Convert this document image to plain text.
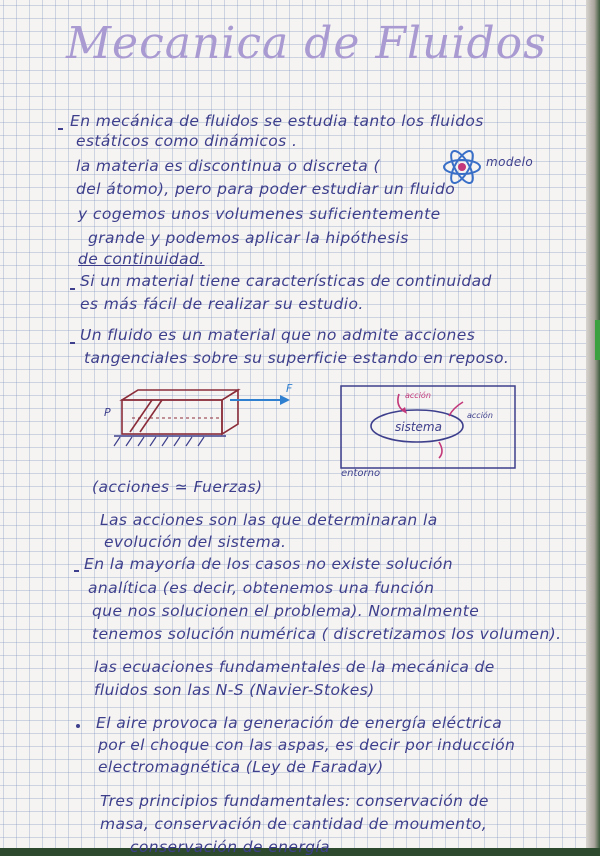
Mecanica de Fluidos

En mecánica de fluidos se estudia tanto los fluidos

estáticos como dinámicos .

la materia es discontinua o discreta (	modelo

del átomo), pero para poder estudiar un fluido

y cogemos unos volumenes suficientemente

grande y podemos aplicar la hipóthesis

de continuidad.

Si un material tiene características de continuidad

es más fácil de realizar su estudio.

Un fluido es un material que no admite acciones

tangenciales sobre su superficie estando en reposo.

P
F
sistema
acción
acción
entorno

(acciones ≃ Fuerzas)

Las acciones son las que determinaran la

evolución del sistema.

En la mayoría de los casos no existe solución

analítica (es decir, obtenemos una función

que nos solucionen el problema). Normalmente

tenemos solución numérica ( discretizamos los volumen).

las ecuaciones fundamentales de la mecánica de

fluidos son las N-S (Navier-Stokes)

El aire provoca la generación de energía eléctrica

por el choque con las aspas, es decir por inducción

electromagnética (Ley de Faraday)

Tres principios fundamentales: conservación de

masa, conservación de cantidad de moumento,

conservación de energía
